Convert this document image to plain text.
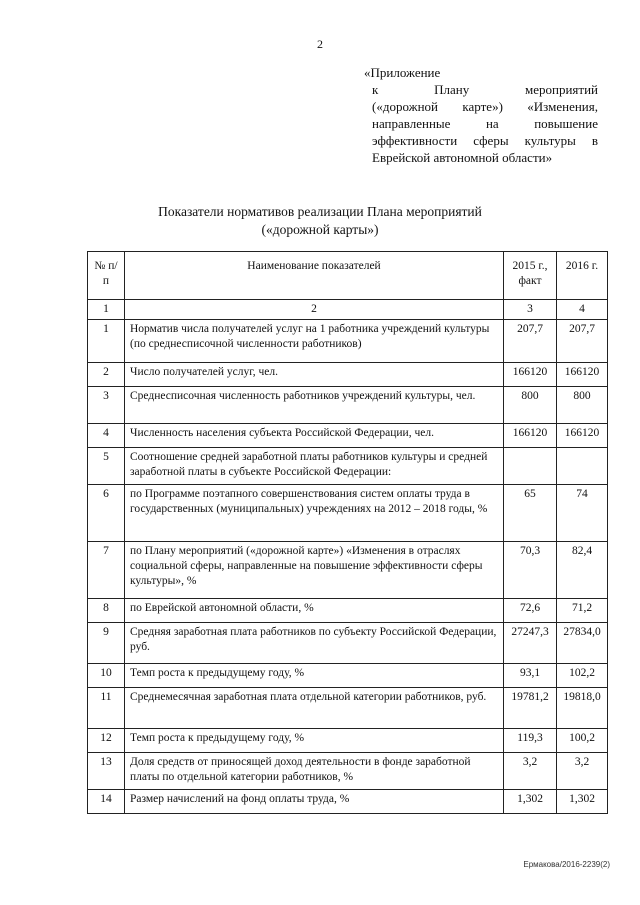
2
«Приложение
к Плану мероприятий
(«дорожной карте») «Изменения,
направленные на повышение
эффективности сферы культуры в
Еврейской автономной области»
Показатели нормативов реализации Плана мероприятий
(«дорожной карты»)
№ п/п	Наименование показателей	2015 г., факт	2016 г.
1	2	3	4
1	Норматив числа получателей услуг на 1 работника учреждений культуры (по среднесписочной численности работников)	207,7	207,7
2	Число получателей услуг, чел.	166120	166120
3	Среднесписочная численность работников учреждений культуры, чел.	800	800
4	Численность населения субъекта Российской Федерации, чел.	166120	166120
5	Соотношение средней заработной платы работников культуры и средней заработной платы в субъекте Российской Федерации:		
6	по Программе поэтапного совершенствования систем оплаты труда в государственных (муниципальных) учреждениях на 2012 – 2018 годы, %	65	74
7	по Плану мероприятий («дорожной карте») «Изменения в отраслях социальной сферы, направленные на повышение эффективности сферы культуры», %	70,3	82,4
8	по Еврейской автономной области, %	72,6	71,2
9	Средняя заработная плата работников по субъекту Российской Федерации, руб.	27247,3	27834,0
10	Темп роста к предыдущему году, %	93,1	102,2
11	Среднемесячная заработная плата отдельной категории работников, руб.	19781,2	19818,0
12	Темп роста к предыдущему году, %	119,3	100,2
13	Доля средств от приносящей доход деятельности в фонде заработной платы по отдельной категории работников, %	3,2	3,2
14	Размер начислений на фонд оплаты труда, %	1,302	1,302
Ермакова/2016-2239(2)
